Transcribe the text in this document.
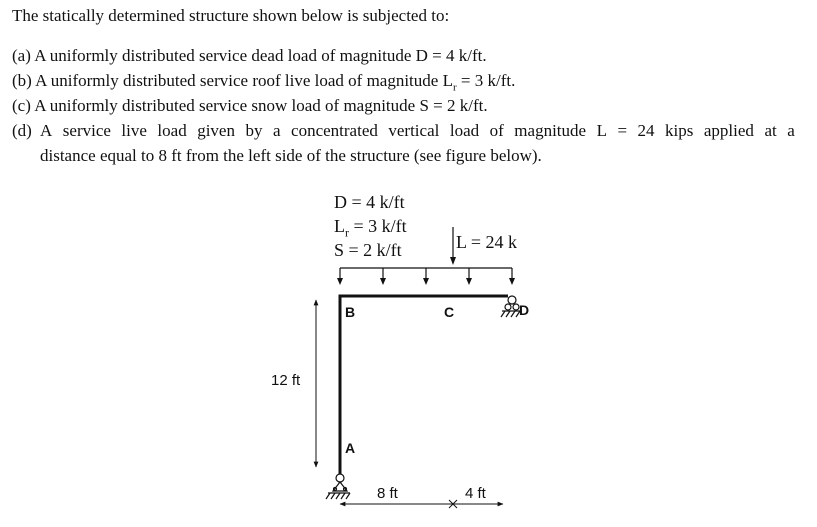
The statically determined structure shown below is subjected to:
(a) A uniformly distributed service dead load of magnitude D = 4 k/ft.
(b) A uniformly distributed service roof live load of magnitude $L_r = 3$ k/ft.
(c) A uniformly distributed service snow load of magnitude S = 2 k/ft.
(d) A service live load given by a concentrated vertical load of magnitude L = 24 kips applied at a
distance equal to 8 ft from the left side of the structure (see figure below).
D = 4 k/ft
$L_r = 3$ k/ft
S = 2 k/ft	L = 24 k
B	C	D
A
12 ft
8 ft	4 ft
